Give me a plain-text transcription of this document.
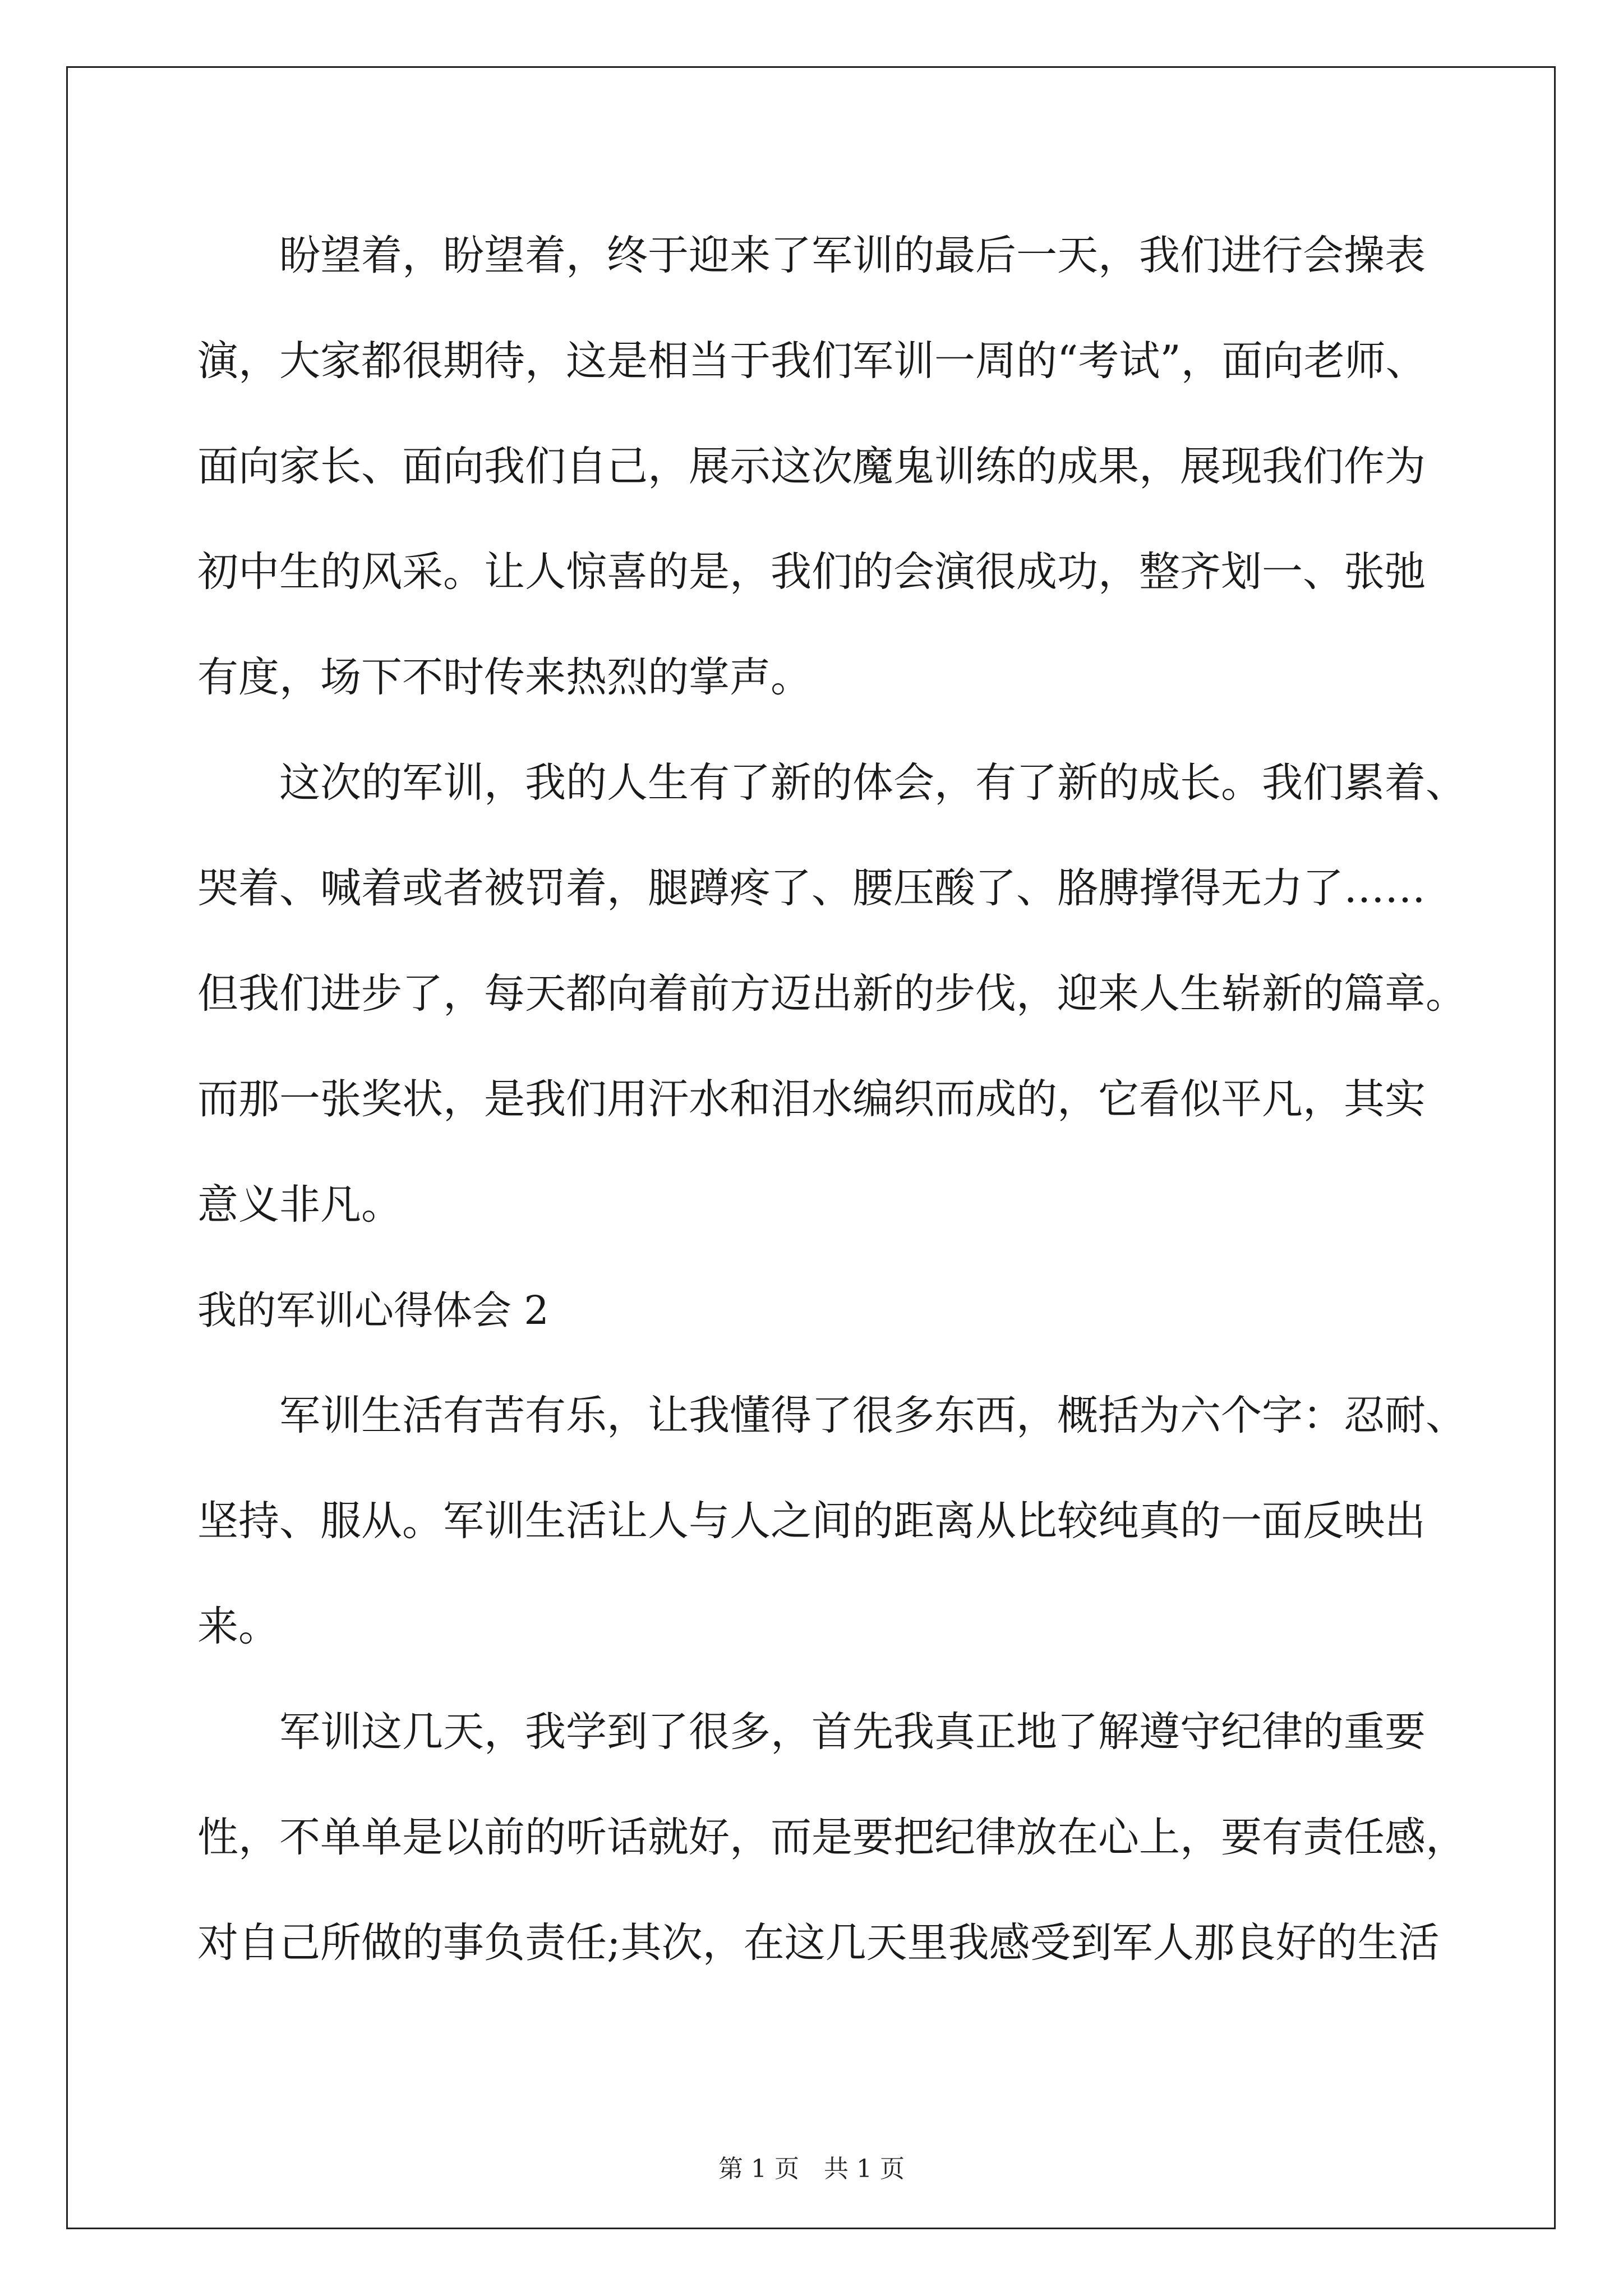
盼望着，盼望着，终于迎来了军训的最后一天，我们进行会操表

演，大家都很期待，这是相当于我们军训一周的“考试”，面向老师、

面向家长、面向我们自己，展示这次魔鬼训练的成果，展现我们作为

初中生的风采。让人惊喜的是，我们的会演很成功，整齐划一、张弛

有度，场下不时传来热烈的掌声。

这次的军训，我的人生有了新的体会，有了新的成长。我们累着、

哭着、喊着或者被罚着，腿蹲疼了、腰压酸了、胳膊撑得无力了……

但我们进步了，每天都向着前方迈出新的步伐，迎来人生崭新的篇章。

而那一张奖状，是我们用汗水和泪水编织而成的，它看似平凡，其实

意义非凡。

我的军训心得体会 2

军训生活有苦有乐，让我懂得了很多东西，概括为六个字：忍耐、

坚持、服从。军训生活让人与人之间的距离从比较纯真的一面反映出

来。

军训这几天，我学到了很多，首先我真正地了解遵守纪律的重要

性，不单单是以前的听话就好，而是要把纪律放在心上，要有责任感，

对自己所做的事负责任;其次，在这几天里我感受到军人那良好的生活

第 1 页　共 1 页
